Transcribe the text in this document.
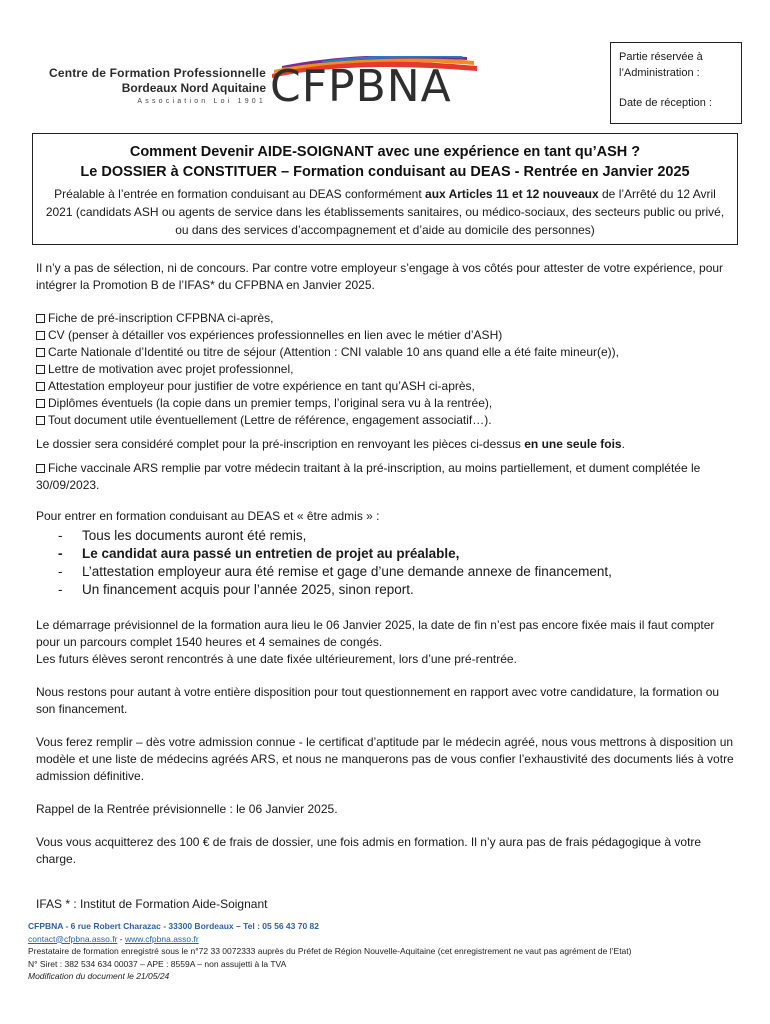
Centre de Formation Professionnelle
Bordeaux Nord Aquitaine
Association Loi 1901 CFPBNA
Partie réservée à
l’Administration :
Date de réception :
Comment Devenir AIDE-SOIGNANT avec une expérience en tant qu’ASH ?
Le DOSSIER à CONSTITUER – Formation conduisant au DEAS - Rentrée en Janvier 2025
Préalable à l’entrée en formation conduisant au DEAS conformément aux Articles 11 et 12 nouveaux de l’Arrêté du 12 Avril 2021 (candidats ASH ou agents de service dans les établissements sanitaires, ou médico-sociaux, des secteurs public ou privé, ou dans des services d’accompagnement et d’aide au domicile des personnes)
Il n’y a pas de sélection, ni de concours. Par contre votre employeur s’engage à vos côtés pour attester de votre expérience, pour intégrer la Promotion B de l’IFAS* du CFPBNA en Janvier 2025.
Fiche de pré-inscription CFPBNA ci-après,
CV (penser à détailler vos expériences professionnelles en lien avec le métier d’ASH)
Carte Nationale d’Identité ou titre de séjour (Attention : CNI valable 10 ans quand elle a été faite mineur(e)),
Lettre de motivation avec projet professionnel,
Attestation employeur pour justifier de votre expérience en tant qu’ASH ci-après,
Diplômes éventuels (la copie dans un premier temps, l’original sera vu à la rentrée),
Tout document utile éventuellement (Lettre de référence, engagement associatif…).
Le dossier sera considéré complet pour la pré-inscription en renvoyant les pièces ci-dessus en une seule fois.
Fiche vaccinale ARS remplie par votre médecin traitant à la pré-inscription, au moins partiellement, et dument complétée le 30/09/2023.
Pour entrer en formation conduisant au DEAS et « être admis » :
-	Tous les documents auront été remis,
-	Le candidat aura passé un entretien de projet au préalable,
-	L’attestation employeur aura été remise et gage d’une demande annexe de financement,
-	Un financement acquis pour l’année 2025, sinon report.
Le démarrage prévisionnel de la formation aura lieu le 06 Janvier 2025, la date de fin n’est pas encore fixée mais il faut compter pour un parcours complet 1540 heures et 4 semaines de congés.
Les futurs élèves seront rencontrés à une date fixée ultérieurement, lors d’une pré-rentrée.
Nous restons pour autant à votre entière disposition pour tout questionnement en rapport avec votre candidature, la formation ou son financement.
Vous ferez remplir – dès votre admission connue - le certificat d’aptitude par le médecin agréé, nous vous mettrons à disposition un modèle et une liste de médecins agréés ARS, et nous ne manquerons pas de vous confier l’exhaustivité des documents liés à votre admission définitive.
Rappel de la Rentrée prévisionnelle : le 06 Janvier 2025.
Vous vous acquitterez des 100 € de frais de dossier, une fois admis en formation. Il n’y aura pas de frais pédagogique à votre charge.
IFAS * : Institut de Formation Aide-Soignant
CFPBNA - 6 rue Robert Charazac - 33300 Bordeaux – Tel : 05 56 43 70 82
contact@cfpbna.asso.fr - www.cfpbna.asso.fr
Prestataire de formation enregistré sous le n°72 33 0072333 auprès du Préfet de Région Nouvelle-Aquitaine (cet enregistrement ne vaut pas agrément de l’Etat)
N° Siret : 382 534 634 00037 – APE : 8559A – non assujetti à la TVA
Modification du document le 21/05/24
